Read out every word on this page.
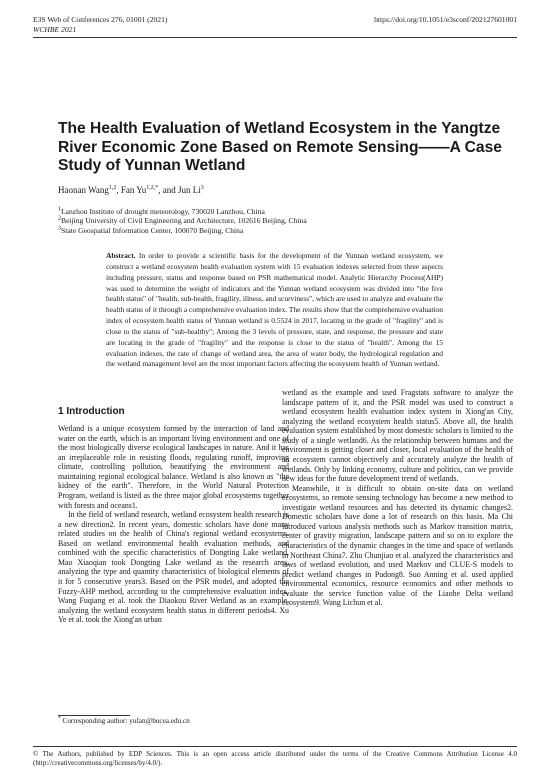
E3S Web of Conferences 276, 01001 (2021)
WCHBE 2021
https://doi.org/10.1051/e3sconf/202127601001
The Health Evaluation of Wetland Ecosystem in the Yangtze River Economic Zone Based on Remote Sensing——A Case Study of Yunnan Wetland
Haonan Wang$^{1,2}$, Fan $Yu^{1,2,*}$, and Jun Li$^3$
$^1$Lanzhou Institute of drought meteorology, 730020 Lanzhou, China
$^2$Beijing University of Civil Engineering and Architecture, 102616 Beijing, China
$^3$State Geospatial Information Center, 100070 Beijing, China

Abstract. In order to provide a scientific basis for the development of the Yunnan wetland ecosystem, we construct a wetland ecosystem health evaluation system with 15 evaluation indexes selected from three aspects including pressure, status and response based on PSR mathematical model. Analytic Hierarchy Process(AHP) was used to determine the weight of indicators and the Yunnan wetland ecosystem was divided into "the five health status" of "health, sub-health, fragility, illness, and scurviness", which are used to analyze and evaluate the health status of it through a comprehensive evaluation index. The results show that the comprehensive evaluation index of ecosystem health status of Yunnan wetland is 0.5524 in 2017, locating in the grade of "fragility" and is close to the status of "sub-healthy"; Among the 3 levels of pressure, state, and response, the pressure and state are locating in the grade of "fragility" and the response is close to the status of "health". Among the 15 evaluation indexes, the rate of change of wetland area, the area of water body, the hydrological regulation and the wetland management level are the most important factors affecting the ecosystem health of Yunnan wetland.

1 Introduction

Wetland is a unique ecosystem formed by the interaction of land and water on the earth, which is an important living environment and one of the most biologically diverse ecological landscapes in nature. And it has an irreplaceable role in resisting floods, regulating runoff, improving climate, controlling pollution, beautifying the environment and maintaining regional ecological balance. Wetland is also known as "the kidney of the earth". Therefore, in the World Natural Protection Program, wetland is listed as the three major global ecosystems together with forests and oceans1.

In the field of wetland research, wetland ecosystem health research is a new direction2. In recent years, domestic scholars have done many related studies on the health of China's regional wetland ecosystems. Based on wetland environmental health evaluation methods, and combined with the specific characteristics of Dongting Lake wetland, Mao Xiaoqian took Dongting Lake wetland as the research area, analyzing the type and quantity characteristics of biological elements of it for 5 consecutive years3. Based on the PSR model, and adopted the Fuzzy-AHP method, according to the comprehensive evaluation index, Wang Fuqiang et al. took the Diaokou River Wetland as an example, analyzing the wetland ecosystem health status in different periods4. Xu Ye et al. took the Xiong'an urban

wetland as the example and used Fragstats software to analyze the landscape pattern of it, and the PSR model was used to construct a wetland ecosystem health evaluation index system in Xiong'an City, analyzing the wetland ecosystem health status5. Above all, the health evaluation system established by most domestic scholars is limited to the study of a single wetland6. As the relationship between humans and the environment is getting closer and closer, local evaluation of the health of an ecosystem cannot objectively and accurately analyze the health of wetlands. Only by linking economy, culture and politics, can we provide new ideas for the future development trend of wetlands.

Meanwhile, it is difficult to obtain on-site data on wetland ecosystems, so remote sensing technology has become a new method to investigate wetland resources and has detected its dynamic changes2. Domestic scholars have done a lot of research on this basis. Ma Chi introduced various analysis methods such as Markov transition matrix, center of gravity migration, landscape pattern and so on to explore the characteristics of the dynamic changes in the time and space of wetlands in Northeast China7. Zhu Chunjiao et al. analyzed the characteristics and laws of wetland evolution, and used Markov and CLUE-S models to predict wetland changes in Pudong8. Suo Anning et al. used applied environmental economics, resource economics and other methods to evaluate the service function value of the Liaohe Delta wetland ecosystem9. Wang Lichun et al.

* Corresponding author: yufan@bucea.edu.cn
© The Authors, published by EDP Sciences. This is an open access article distributed under the terms of the Creative Commons Attribution License 4.0 (http://creativecommons.org/licenses/by/4.0/).
